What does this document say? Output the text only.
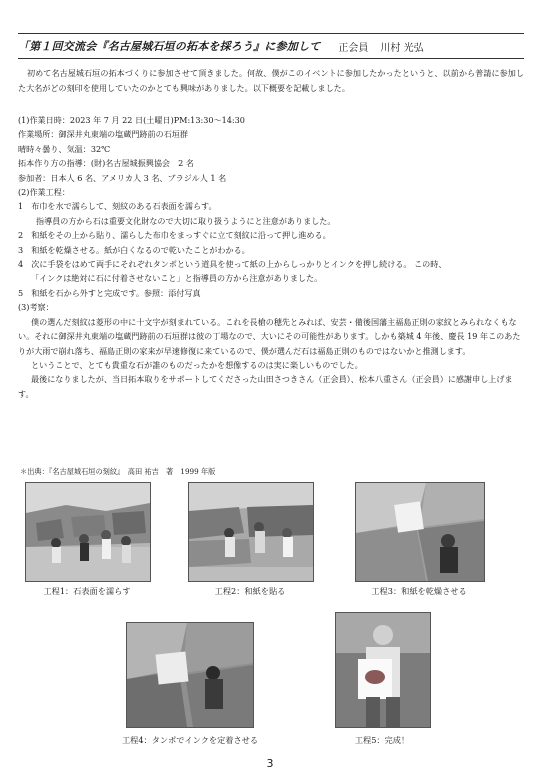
「第１回交流会『名古屋城石垣の拓本を採ろう』に参加して 正会員 川村 光弘

初めて名古屋城石垣の拓本づくりに参加させて頂きました。何故、僕がこのイベントに参加したかったというと、以前から普請に参加した大名がどの刻印を使用していたのかとても興味がありました。以下概要を記載しました。

(1)作業日時：2023 年 7 月 22 日(土曜日)PM:13:30～14:30
作業場所：御深井丸東端の塩蔵門跡前の石垣群
晴時々曇り、気温：32℃
拓本作り方の指導：(財)名古屋城振興協会　2 名
参加者：日本人 6 名、アメリカ人 3 名、ブラジル人 1 名
(2)作業工程：
1　布巾を水で濡らして、刻紋のある石表面を濡らす。
指導員の方から石は重要文化財なので大切に取り扱うようにと注意がありました。
2　和紙をその上から貼り、濡らした布巾をまっすぐに立て刻紋に沿って押し進める。
3　和紙を乾燥させる。紙が白くなるので乾いたことがわかる。
4　次に手袋をはめて両手にそれぞれタンポという道具を使って紙の上からしっかりとインクを押し続ける。 この時、
「インクは絶対に石に付着させないこと」と指導員の方から注意がありました。
5　和紙を石から外すと完成です。参照：添付写真
(3)考察：
僕の選んだ刻紋は菱形の中に十文字が刻まれている。これを長槍の穂先とみれば、安芸・備後国藩主福島正則の家紋とみられなくもない。それに御深井丸東端の塩蔵門跡前の石垣群は彼の丁場なので、大いにその可能性があります。しかも築城 4 年後、慶長 19 年このあたりが大雨で崩れ落ち、福島正則の家来が早速修復に来ているので、僕が選んだ石は福島正則のものではないかと推測します。
ということで、とても貴重な石が誰のものだったかを想像するのは実に楽しいものでした。
最後になりましたが、当日拓本取りをサポートしてくださった山田さつきさん（正会員）、松本八重さん（正会員）に感謝申し上げます。
＊出典：『名古屋城石垣の刻紋』　高田 祐吉　著　1999 年版
工程1：石表面を濡らす	工程2：和紙を貼る	工程3：和紙を乾燥させる
工程4：タンポでインクを定着させる	工程5：完成！
3
